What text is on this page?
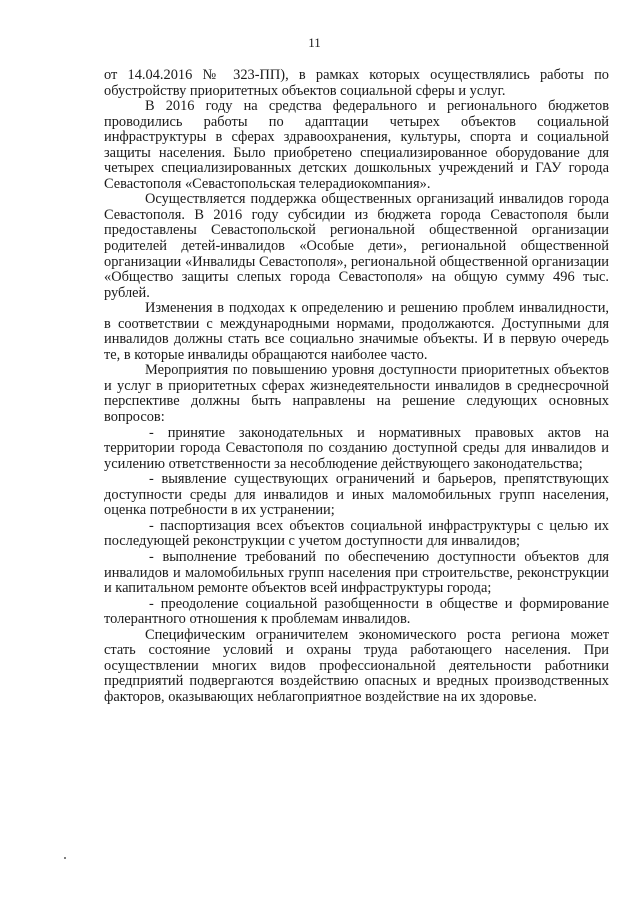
11

от 14.04.2016 № 323-ПП), в рамках которых осуществлялись работы по обустройству приоритетных объектов социальной сферы и услуг.

В 2016 году на средства федерального и регионального бюджетов проводились работы по адаптации четырех объектов социальной инфраструктуры в сферах здравоохранения, культуры, спорта и социальной защиты населения. Было приобретено специализированное оборудование для четырех специализированных детских дошкольных учреждений и ГАУ города Севастополя «Севастопольская телерадиокомпания».

Осуществляется поддержка общественных организаций инвалидов города Севастополя. В 2016 году субсидии из бюджета города Севастополя были предоставлены Севастопольской региональной общественной организации родителей детей-инвалидов «Особые дети», региональной общественной организации «Инвалиды Севастополя», региональной общественной организации «Общество защиты слепых города Севастополя» на общую сумму 496 тыс. рублей.

Изменения в подходах к определению и решению проблем инвалидности, в соответствии с международными нормами, продолжаются. Доступными для инвалидов должны стать все социально значимые объекты. И в первую очередь те, в которые инвалиды обращаются наиболее часто.

Мероприятия по повышению уровня доступности приоритетных объектов и услуг в приоритетных сферах жизнедеятельности инвалидов в среднесрочной перспективе должны быть направлены на решение следующих основных вопросов:

- принятие законодательных и нормативных правовых актов на территории города Севастополя по созданию доступной среды для инвалидов и усилению ответственности за несоблюдение действующего законодательства;

- выявление существующих ограничений и барьеров, препятствующих доступности среды для инвалидов и иных маломобильных групп населения, оценка потребности в их устранении;

- паспортизация всех объектов социальной инфраструктуры с целью их последующей реконструкции с учетом доступности для инвалидов;

- выполнение требований по обеспечению доступности объектов для инвалидов и маломобильных групп населения при строительстве, реконструкции и капитальном ремонте объектов всей инфраструктуры города;

- преодоление социальной разобщенности в обществе и формирование толерантного отношения к проблемам инвалидов.

Специфическим ограничителем экономического роста региона может стать состояние условий и охраны труда работающего населения. При осуществлении многих видов профессиональной деятельности работники предприятий подвергаются воздействию опасных и вредных производственных факторов, оказывающих неблагоприятное воздействие на их здоровье.
